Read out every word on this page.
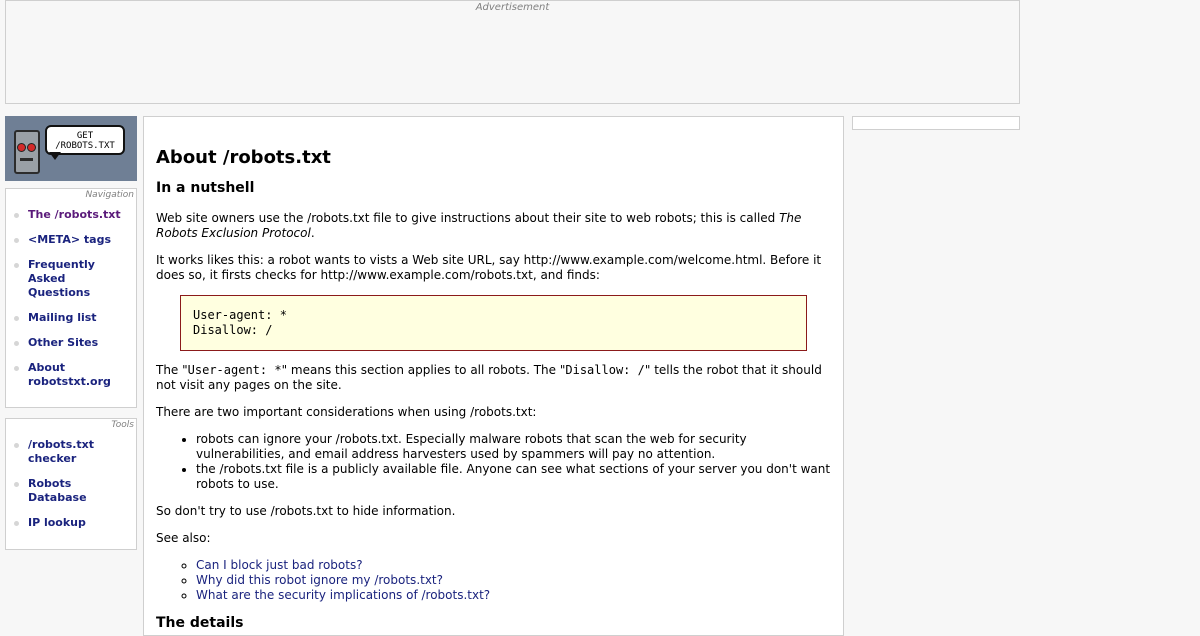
Advertisement
GET
/ROBOTS.TXT
Navigation
The /robots.txt
<META> tags
Frequently Asked Questions
Mailing list
Other Sites
About robotstxt.org
Tools
/robots.txt checker
Robots Database
IP lookup
About /robots.txt
In a nutshell

Web site owners use the /robots.txt file to give instructions about their site to web robots; this is called The Robots Exclusion Protocol.

It works likes this: a robot wants to vists a Web site URL, say http://www.example.com/welcome.html. Before it does so, it firsts checks for http://www.example.com/robots.txt, and finds:

User-agent: *
Disallow: /

The "User-agent: *" means this section applies to all robots. The "Disallow: /" tells the robot that it should not visit any pages on the site.

There are two important considerations when using /robots.txt:

• robots can ignore your /robots.txt. Especially malware robots that scan the web for security vulnerabilities, and email address harvesters used by spammers will pay no attention.
• the /robots.txt file is a publicly available file. Anyone can see what sections of your server you don't want robots to use.

So don't try to use /robots.txt to hide information.

See also:

◦ Can I block just bad robots?
◦ Why did this robot ignore my /robots.txt?
◦ What are the security implications of /robots.txt?
The details
